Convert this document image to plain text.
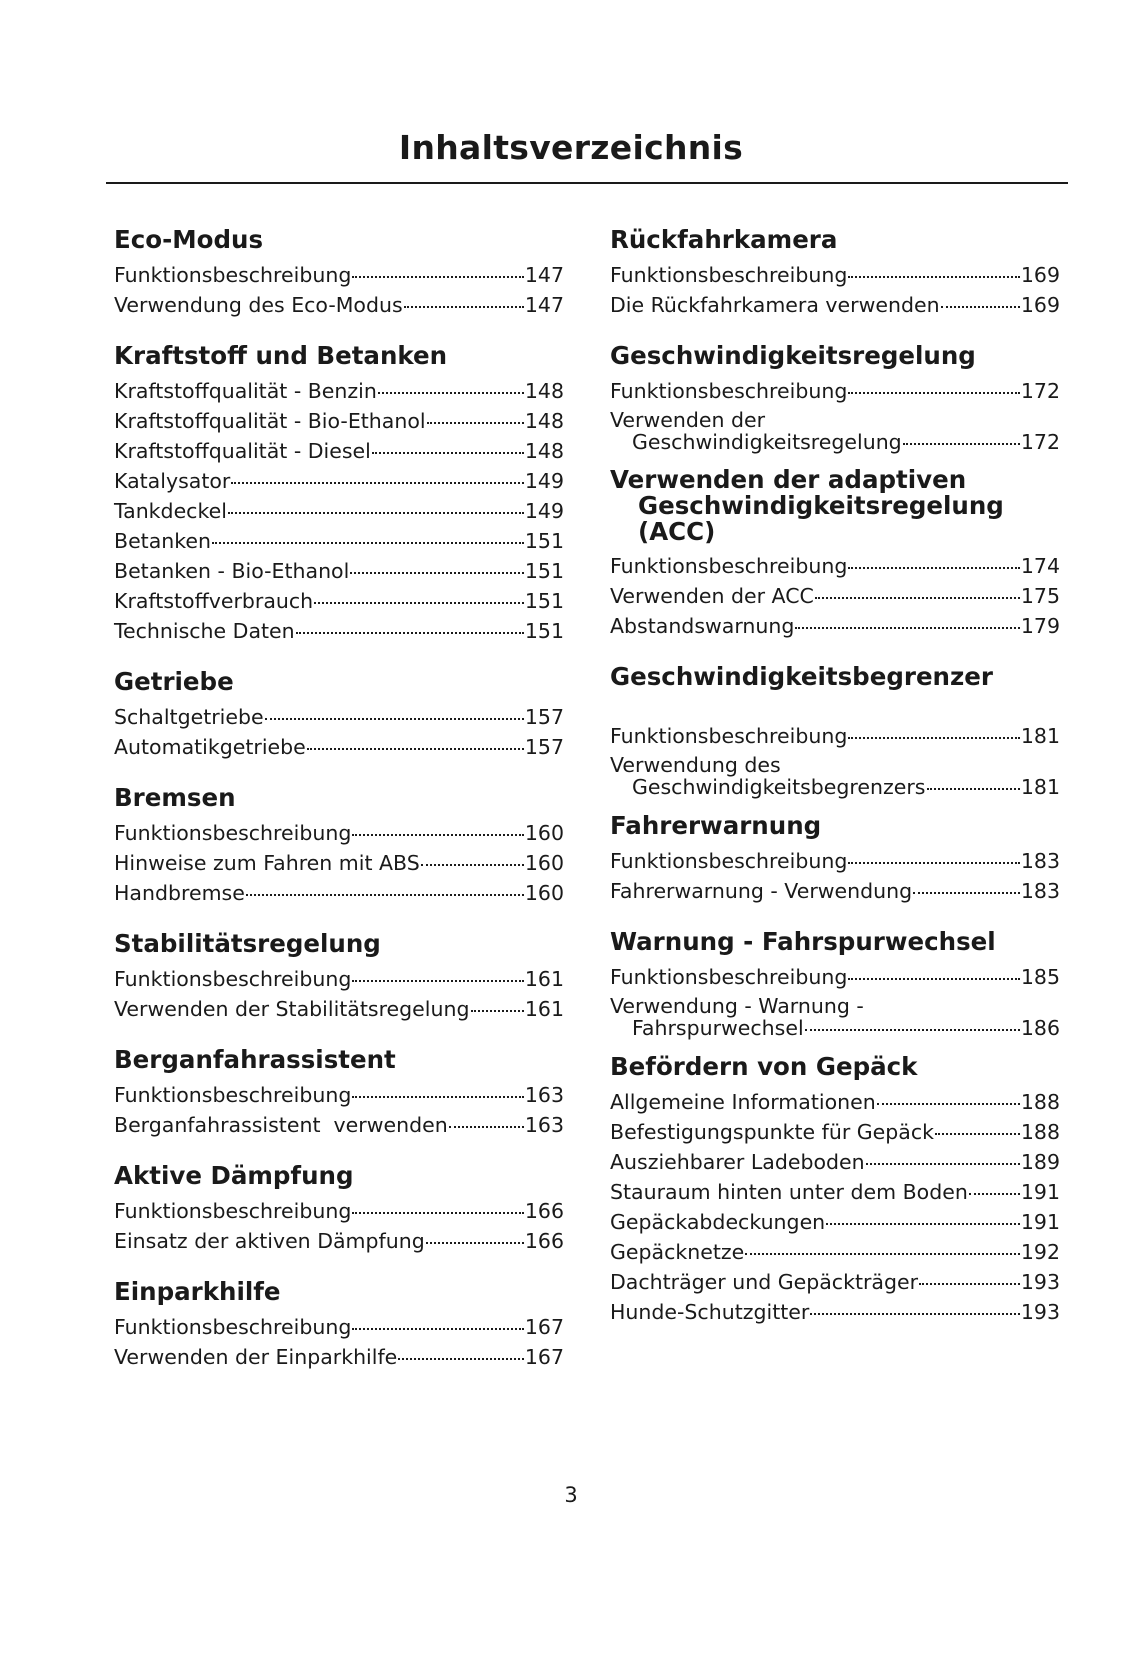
Inhaltsverzeichnis
Eco-Modus
Funktionsbeschreibung	147
Verwendung des Eco-Modus	147
Kraftstoff und Betanken
Kraftstoffqualität - Benzin	148
Kraftstoffqualität - Bio-Ethanol	148
Kraftstoffqualität - Diesel	148
Katalysator	149
Tankdeckel	149
Betanken	151
Betanken - Bio-Ethanol	151
Kraftstoffverbrauch	151
Technische Daten	151
Getriebe
Schaltgetriebe	157
Automatikgetriebe	157
Bremsen
Funktionsbeschreibung	160
Hinweise zum Fahren mit ABS	160
Handbremse	160
Stabilitätsregelung
Funktionsbeschreibung	161
Verwenden der Stabilitätsregelung	161
Berganfahrassistent
Funktionsbeschreibung	163
Berganfahrassistent  verwenden	163
Aktive Dämpfung
Funktionsbeschreibung	166
Einsatz der aktiven Dämpfung	166
Einparkhilfe
Funktionsbeschreibung	167
Verwenden der Einparkhilfe	167
Rückfahrkamera
Funktionsbeschreibung	169
Die Rückfahrkamera verwenden	169
Geschwindigkeitsregelung
Funktionsbeschreibung	172
Verwenden der
Geschwindigkeitsregelung	172
Verwenden der adaptiven
Geschwindigkeitsregelung
(ACC)
Funktionsbeschreibung	174
Verwenden der ACC	175
Abstandswarnung	179
Geschwindigkeitsbegrenzer
Funktionsbeschreibung	181
Verwendung des
Geschwindigkeitsbegrenzers	181
Fahrerwarnung
Funktionsbeschreibung	183
Fahrerwarnung - Verwendung	183
Warnung - Fahrspurwechsel
Funktionsbeschreibung	185
Verwendung - Warnung -
Fahrspurwechsel	186
Befördern von Gepäck
Allgemeine Informationen	188
Befestigungspunkte für Gepäck	188
Ausziehbarer Ladeboden	189
Stauraum hinten unter dem Boden	191
Gepäckabdeckungen	191
Gepäcknetze	192
Dachträger und Gepäckträger	193
Hunde-Schutzgitter	193
3
